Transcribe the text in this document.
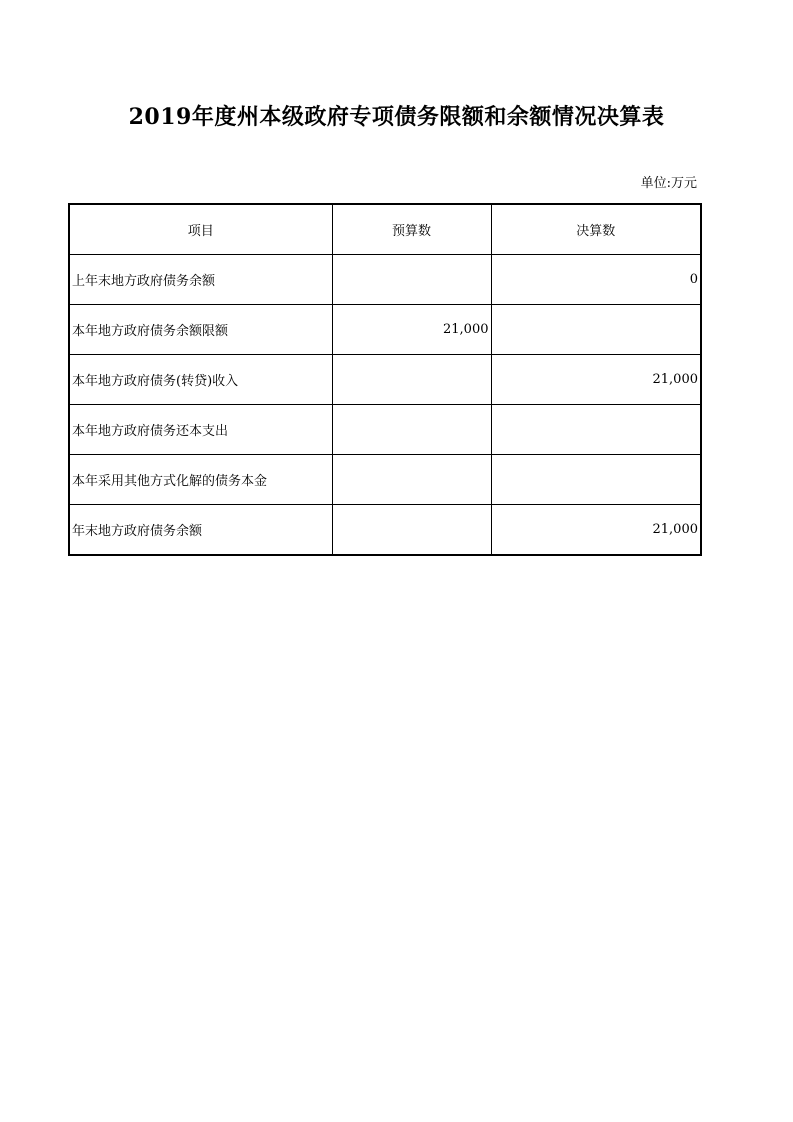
2019年度州本级政府专项债务限额和余额情况决算表
单位:万元
项目	预算数	决算数
上年末地方政府债务余额		0
本年地方政府债务余额限额	21,000	
本年地方政府债务(转贷)收入		21,000
本年地方政府债务还本支出		
本年采用其他方式化解的债务本金		
年末地方政府债务余额		21,000
